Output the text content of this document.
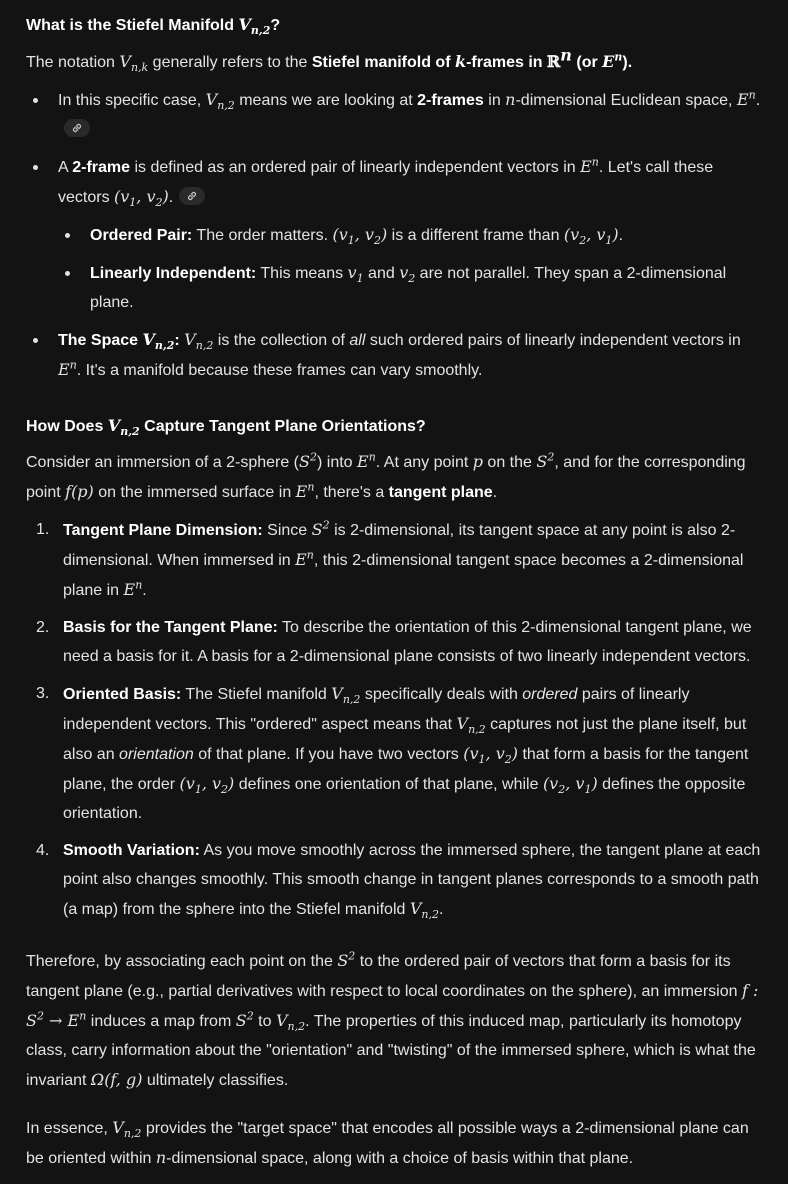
What is the Stiefel Manifold $V_{n,2}$?

The notation $V_{n,k}$ generally refers to the Stiefel manifold of k-frames in ℝ$^n$ (or $E^n$).

In this specific case, $V_{n,2}$ means we are looking at 2-frames in n-dimensional Euclidean space, $E^n$.
A 2-frame is defined as an ordered pair of linearly independent vectors in $E^n$. Let's call these vectors ($v_1$, $v_2$).
Ordered Pair: The order matters. ($v_1$, $v_2$) is a different frame than ($v_2$, $v_1$).
Linearly Independent: This means $v_1$ and $v_2$ are not parallel. They span a 2-dimensional plane.
The Space $V_{n,2}$: $V_{n,2}$ is the collection of all such ordered pairs of linearly independent vectors in $E^n$. It's a manifold because these frames can vary smoothly.
How Does $V_{n,2}$ Capture Tangent Plane Orientations?

Consider an immersion of a 2-sphere $(S^2)$ into $E^n$. At any point p on the $S^2$, and for the corresponding point f(p) on the immersed surface in $E^n$, there's a tangent plane.

1. Tangent Plane Dimension: Since $S^2$ is 2-dimensional, its tangent space at any point is also 2-dimensional. When immersed in $E^n$, this 2-dimensional tangent space becomes a 2-dimensional plane in $E^n$.
2. Basis for the Tangent Plane: To describe the orientation of this 2-dimensional tangent plane, we need a basis for it. A basis for a 2-dimensional plane consists of two linearly independent vectors.
3. Oriented Basis: The Stiefel manifold $V_{n,2}$ specifically deals with ordered pairs of linearly independent vectors. This "ordered" aspect means that $V_{n,2}$ captures not just the plane itself, but also an orientation of that plane. If you have two vectors ($v_1$, $v_2$) that form a basis for the tangent plane, the order ($v_1$, $v_2$) defines one orientation of that plane, while ($v_2$, $v_1$) defines the opposite orientation.
4. Smooth Variation: As you move smoothly across the immersed sphere, the tangent plane at each point also changes smoothly. This smooth change in tangent planes corresponds to a smooth path (a map) from the sphere into the Stiefel manifold $V_{n,2}$.

Therefore, by associating each point on the $S^2$ to the ordered pair of vectors that form a basis for its tangent plane (e.g., partial derivatives with respect to local coordinates on the sphere), an immersion f : $S^2 \to E^n$ induces a map from $S^2$ to $V_{n,2}$. The properties of this induced map, particularly its homotopy class, carry information about the "orientation" and "twisting" of the immersed sphere, which is what the invariant Ω(f, g) ultimately classifies.

In essence, $V_{n,2}$ provides the "target space" that encodes all possible ways a 2-dimensional plane can be oriented within n-dimensional space, along with a choice of basis within that plane.
